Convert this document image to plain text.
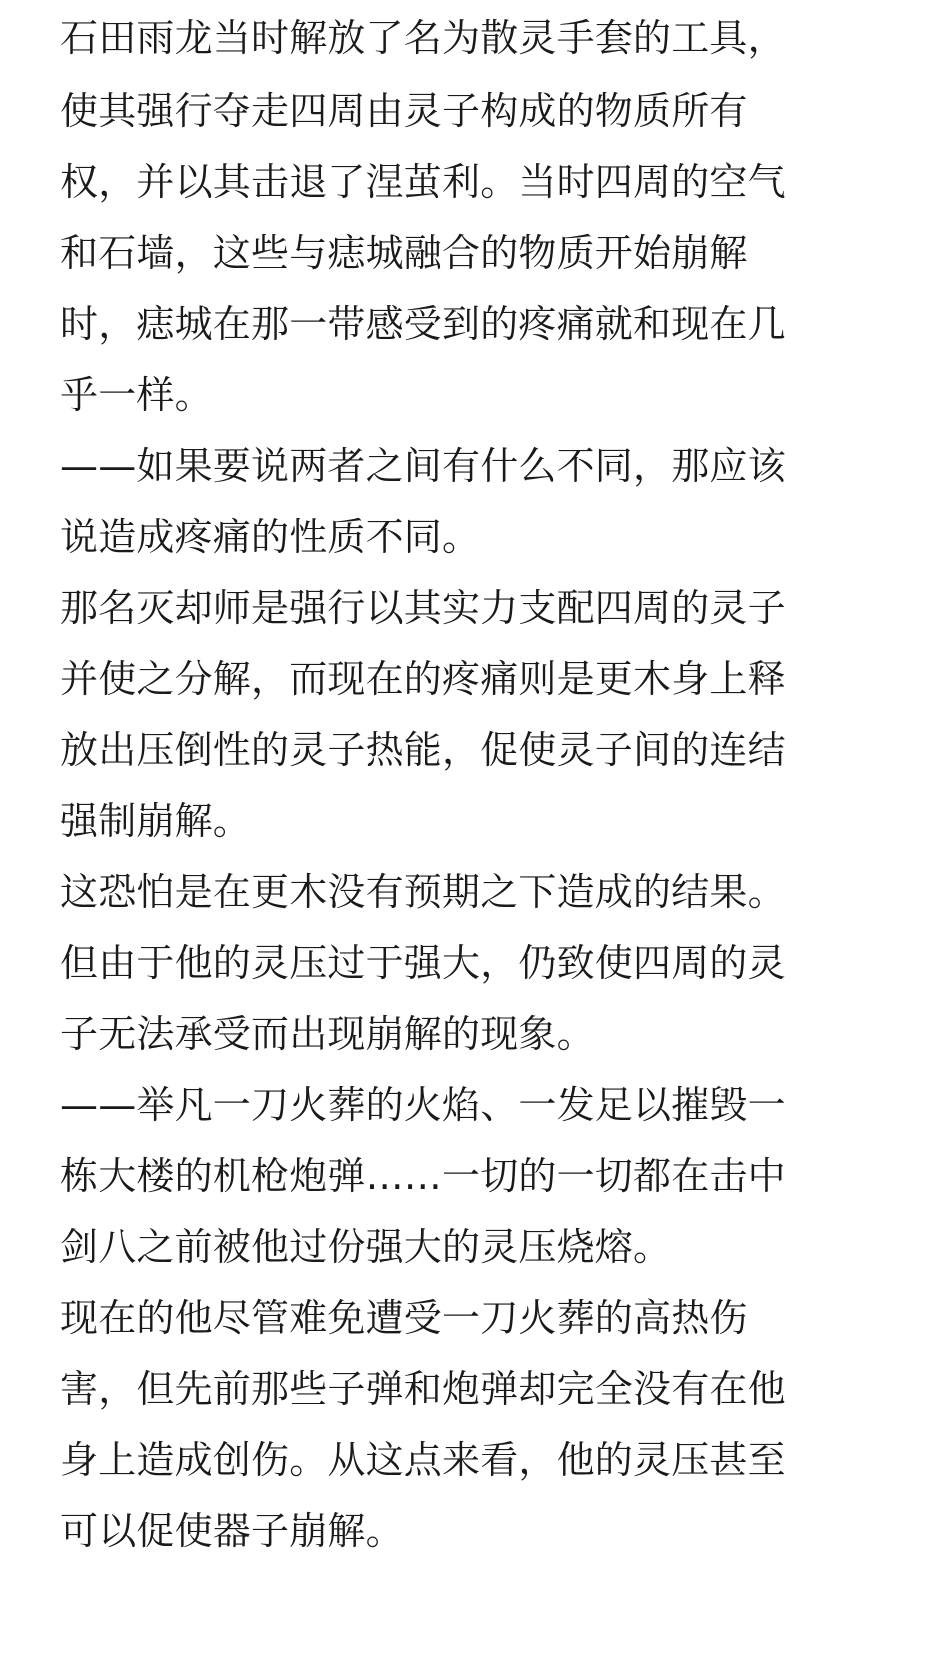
石田雨龙当时解放了名为散灵手套的工具，
使其强行夺走四周由灵子构成的物质所有
权，并以其击退了涅茧利。当时四周的空气
和石墙，这些与痣城融合的物质开始崩解
时，痣城在那一带感受到的疼痛就和现在几
乎一样。
——如果要说两者之间有什么不同，那应该
说造成疼痛的性质不同。
那名灭却师是强行以其实力支配四周的灵子
并使之分解，而现在的疼痛则是更木身上释
放出压倒性的灵子热能，促使灵子间的连结
强制崩解。
这恐怕是在更木没有预期之下造成的结果。
但由于他的灵压过于强大，仍致使四周的灵
子无法承受而出现崩解的现象。
——举凡一刀火葬的火焰、一发足以摧毁一
栋大楼的机枪炮弹……一切的一切都在击中
剑八之前被他过份强大的灵压烧熔。
现在的他尽管难免遭受一刀火葬的高热伤
害，但先前那些子弹和炮弹却完全没有在他
身上造成创伤。从这点来看，他的灵压甚至
可以促使器子崩解。
